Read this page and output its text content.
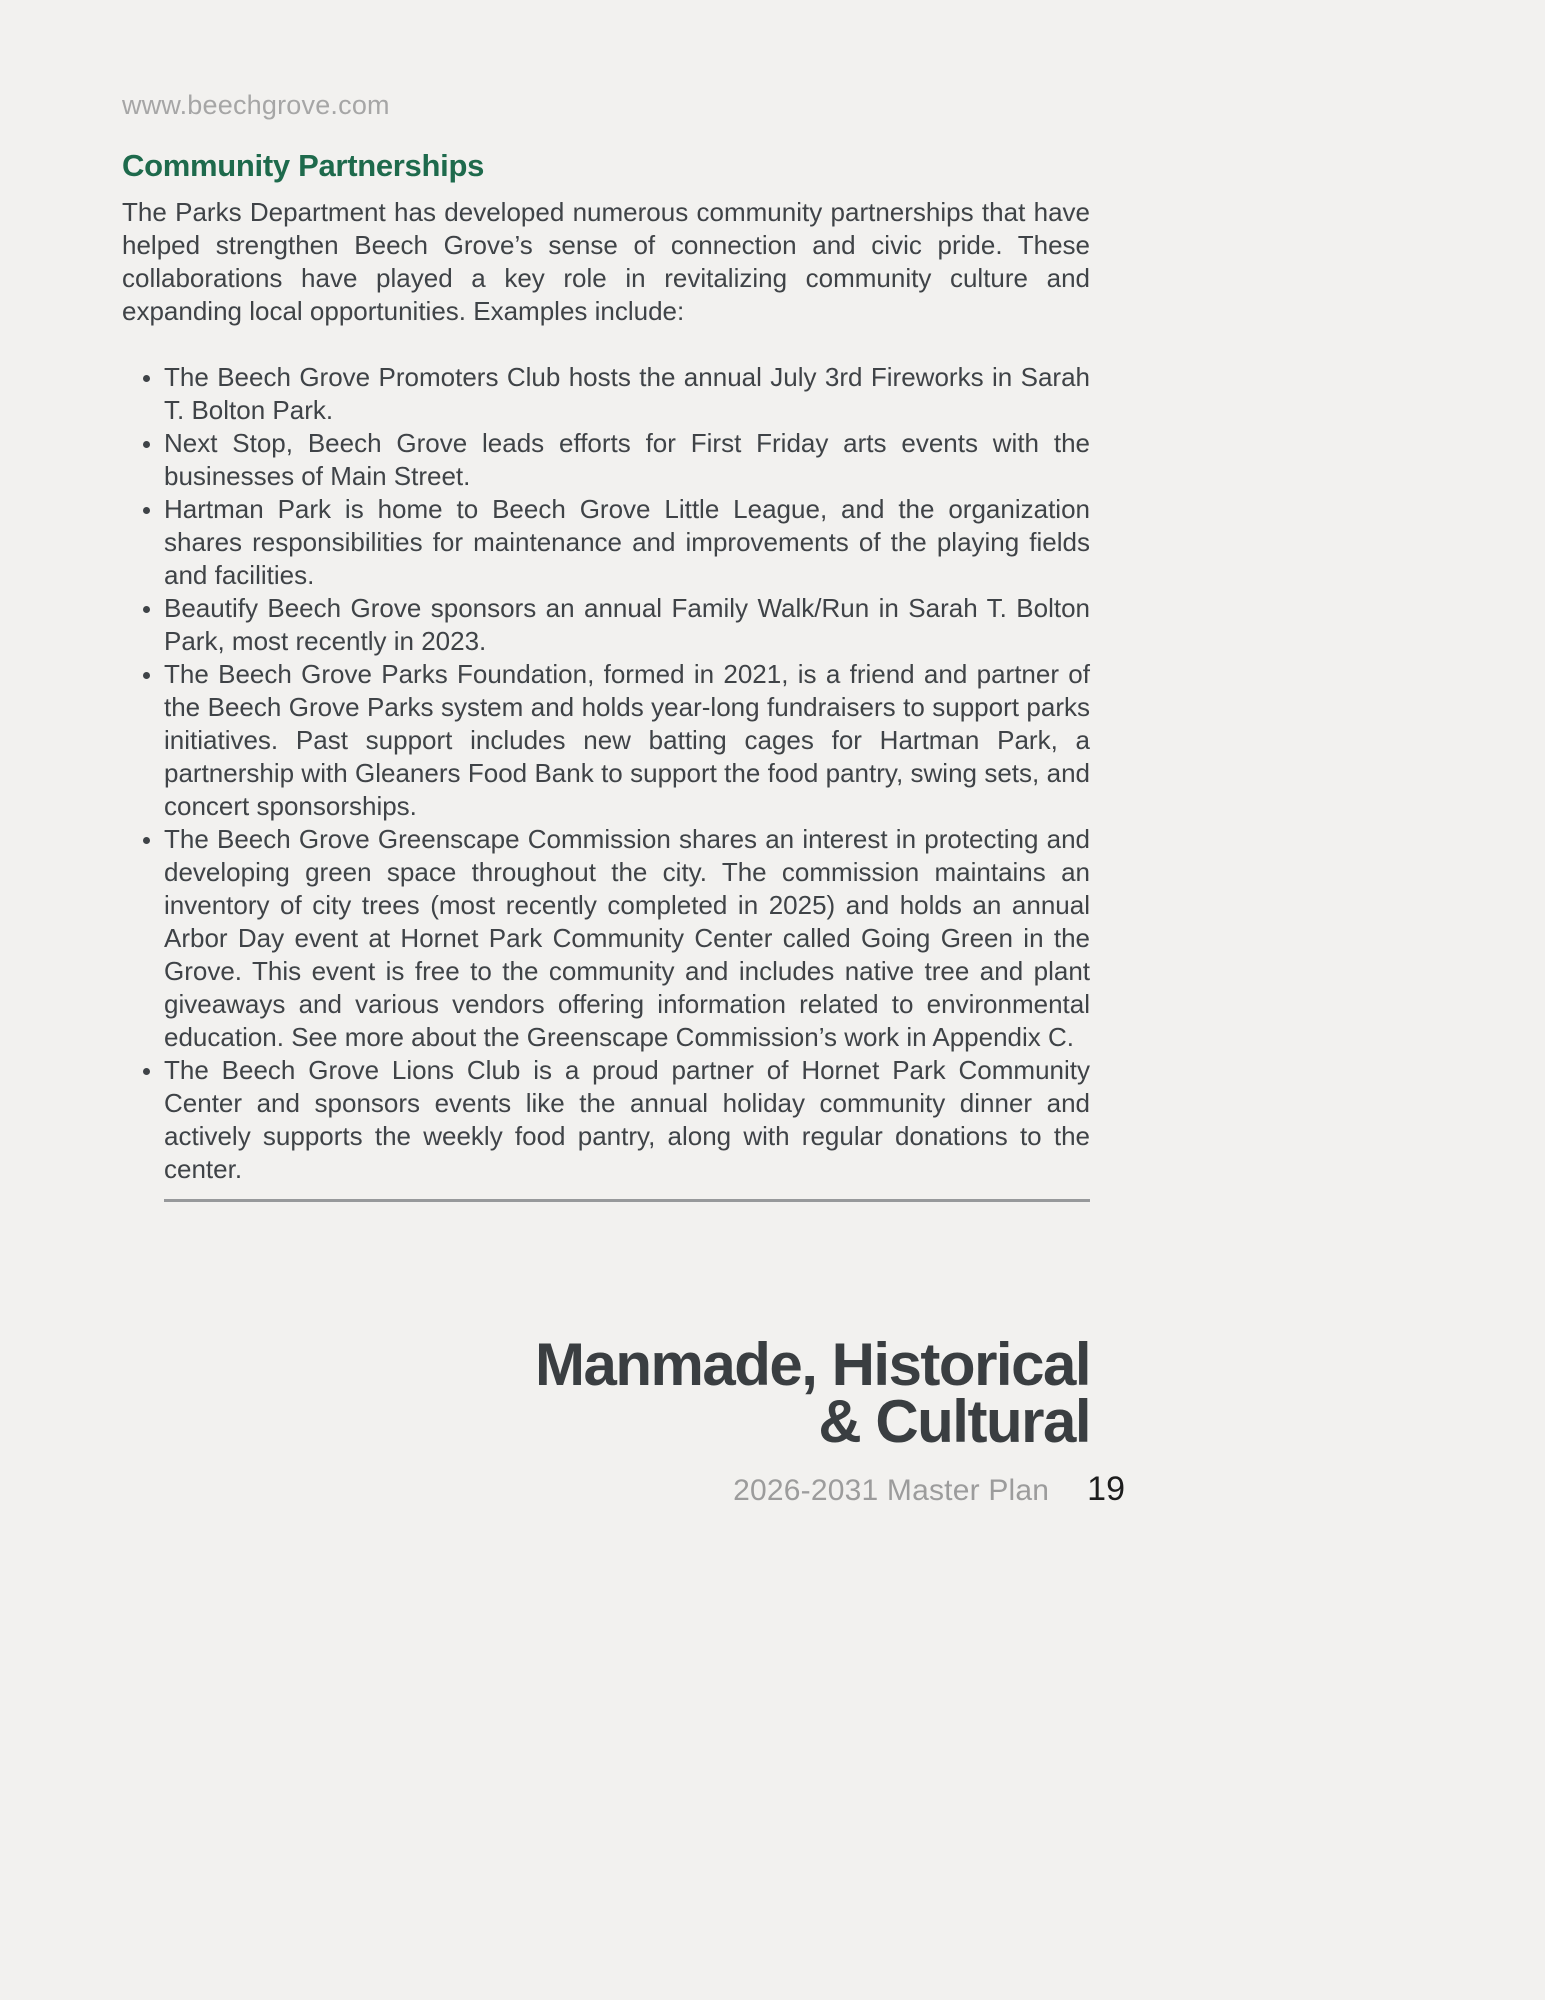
www.beechgrove.com
Community Partnerships

The Parks Department has developed numerous community partnerships that have helped strengthen Beech Grove’s sense of connection and civic pride. These collaborations have played a key role in revitalizing community culture and expanding local opportunities. Examples include:

• The Beech Grove Promoters Club hosts the annual July 3rd Fireworks in Sarah T. Bolton Park.
• Next Stop, Beech Grove leads efforts for First Friday arts events with the businesses of Main Street.
• Hartman Park is home to Beech Grove Little League, and the organization shares responsibilities for maintenance and improvements of the playing fields and facilities.
• Beautify Beech Grove sponsors an annual Family Walk/Run in Sarah T. Bolton Park, most recently in 2023.
• The Beech Grove Parks Foundation, formed in 2021, is a friend and partner of the Beech Grove Parks system and holds year-long fundraisers to support parks initiatives. Past support includes new batting cages for Hartman Park, a partnership with Gleaners Food Bank to support the food pantry, swing sets, and concert sponsorships.
• The Beech Grove Greenscape Commission shares an interest in protecting and developing green space throughout the city. The commission maintains an inventory of city trees (most recently completed in 2025) and holds an annual Arbor Day event at Hornet Park Community Center called Going Green in the Grove. This event is free to the community and includes native tree and plant giveaways and various vendors offering information related to environmental education. See more about the Greenscape Commission’s work in Appendix C.
• The Beech Grove Lions Club is a proud partner of Hornet Park Community Center and sponsors events like the annual holiday community dinner and actively supports the weekly food pantry, along with regular donations to the center.
Manmade, Historical
& Cultural
2026-2031 Master Plan 19
